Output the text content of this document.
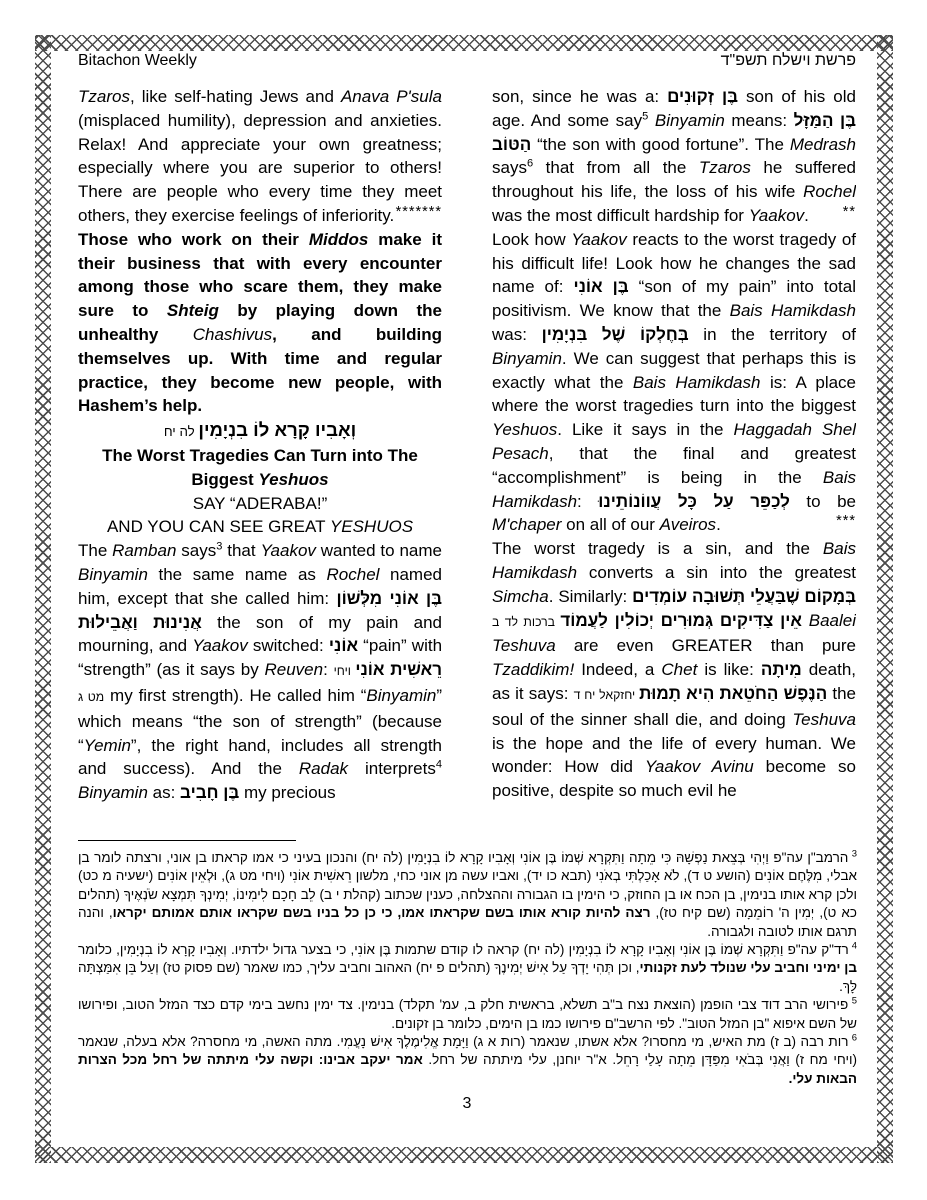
Bitachon Weekly	פרשת וישלח תשפ"ד
Tzaros, like self-hating Jews and Anava P'sula (misplaced humility), depression and anxieties. Relax! And appreciate your own greatness; especially where you are superior to others! There are people who every time they meet others, they exercise feelings of inferiority. *******
Those who work on their Middos make it their business that with every encounter among those who scare them, they make sure to Shteig by playing down the unhealthy Chashivus, and building themselves up. With time and regular practice, they become new people, with Hashem’s help.
וְאָבִיו קָרָא לוֹ בִנְיָמִין לה יח
The Worst Tragedies Can Turn into The Biggest Yeshuos
SAY “ADERABA!”
AND YOU CAN SEE GREAT YESHUOS
The Ramban says$^3$ that Yaakov wanted to name Binyamin the same name as Rochel named him, except that she called him: בֶּן אוֹנִי מִלְּשׁוֹן אֲנִינוּת וַאֲבֵילוּת the son of my pain and mourning, and Yaakov switched: אוֹנִי “pain” with “strength” (as it says by Reuven: רֵאשִׁית אוֹנִי ויחי מט ג my first strength). He called him “Binyamin” which means “the son of strength” (because “Yemin”, the right hand, includes all strength and success). And the Radak interprets$^4$ Binyamin as: בֶּן חָבִיב my precious
son, since he was a: בֶּן זְקוּנִים son of his old age. And some say$^5$ Binyamin means: בֶּן הַמַּזָּל הַטּוֹב “the son with good fortune”. The Medrash says$^6$ that from all the Tzaros he suffered throughout his life, the loss of his wife Rochel was the most difficult hardship for Yaakov. **
Look how Yaakov reacts to the worst tragedy of his difficult life! Look how he changes the sad name of: בֶּן אוֹנִי “son of my pain” into total positivism. We know that the Bais Hamikdash was: בְּחֶלְקוֹ שֶׁל בִּנְיָמִין in the territory of Binyamin. We can suggest that perhaps this is exactly what the Bais Hamikdash is: A place where the worst tragedies turn into the biggest Yeshuos. Like it says in the Haggadah Shel Pesach, that the final and greatest “accomplishment” is being in the Bais Hamikdash: לְכַפֵּר עַל כָּל עֲווֹנוֹתֵינוּ to be M'chaper on all of our Aveiros.	***
The worst tragedy is a sin, and the Bais Hamikdash converts a sin into the greatest Simcha. Similarly: בְּמָקוֹם שֶׁבַּעֲלֵי תְּשׁוּבָה עוֹמְדִים אֵין צַדִּיקִים גְּמוּרִים יְכוֹלִין לַעֲמוֹד ברכות לד ב	Baalei Teshuva are even GREATER than pure Tzaddikim! Indeed, a Chet is like: מִיתָה death, as it says:	הַנֶּפֶשׁ הַחֹטֵאת הִיא תָמוּת יחזקאל יח ד	the soul of the sinner shall die, and doing Teshuva is the hope and the life of every human. We wonder: How did Yaakov Avinu become so positive, despite so much evil he
$^3$ הרמב"ן עה"פ וַיְהִי בְּצֵאת נַפְשָׁהּ כִּי מֵתָה וַתִּקְרָא שְׁמוֹ בֶּן אוֹנִי וְאָבִיו קָרָא לוֹ בִנְיָמִין (לה יח) והנכון בעיני כי אמו קראתו בן אוני, ורצתה לומר בן אבלי, מִלֶּחֶם אוֹנִים (הושע ט ד), לֹא אָכַלְתִּי בְאֹנִי (תבא כו יד), ואביו עשה מן אוני כחי, מלשון רֵאשִׁית אוֹנִי (ויחי מט ג), וּלְאֵין אוֹנִים (ישעיה מ כט) ולכן קרא אותו בנימין, בן הכח או בן החוזק, כי הימין בו הגבורה וההצלחה, כענין שכתוב (קהלת י ב) לֵב חָכָם לִימִינוֹ, יְמִינְךָ תִּמְצָא שֹׂנְאֶיךָ (תהלים כא ט), יְמִין ה' רוֹמֵמָה (שם קיח טז), רצה להיות קורא אותו בשם שקראתו אמו, כי כן כל בניו בשם שקראו אותם אמותם יקראו, והנה תרגם אותו לטובה ולגבורה.
$^4$ רד"ק עה"פ וַתִּקְרָא שְׁמוֹ בֶּן אוֹנִי וְאָבִיו קָרָא לוֹ בִנְיָמִין (לה יח) קראה לו קודם שתמות בֶּן אוֹנִי, כי בצער גדול ילדתיו. וְאָבִיו קָרָא לוֹ בִנְיָמִין, כלומר בן ימיני וחביב עלי שנולד לעת זקנותי, וכן תְּהִי יָדְךָ עַל אִישׁ יְמִינֶךָ (תהלים פ יח) האהוב וחביב עליך, כמו שאמר (שם פסוק טז) וְעַל בֵּן אִמַּצְתָּה לָּךְ.
$^5$ פירושי הרב דוד צבי הופמן (הוצאת נצח ב"ב תשלא, בראשית חלק ב, עמ' תקלד) בנימין. צד ימין נחשב בימי קדם כצד המזל הטוב, ופירושו של השם איפוא "בן המזל הטוב". לפי הרשב"ם פירושו כמו בן הימים, כלומר בן זקונים.
$^6$ רות רבה (ב ז) מת האיש, מי מחסרו? אלא אשתו, שנאמר (רות א ג) וַיָּמָת אֱלִימֶלֶךְ אִישׁ נָעֳמִי. מתה האשה, מי מחסרה? אלא בעלה, שנאמר (ויחי מח ז) וַאֲנִי בְּבֹאִי מִפַּדָּן מֵתָה עָלַי רָחֵל. א"ר יוחנן, עלי מיתתה של רחל. אמר יעקב אבינו: וקשה עלי מיתתה של רחל מכל הצרות הבאות עלי.
3
